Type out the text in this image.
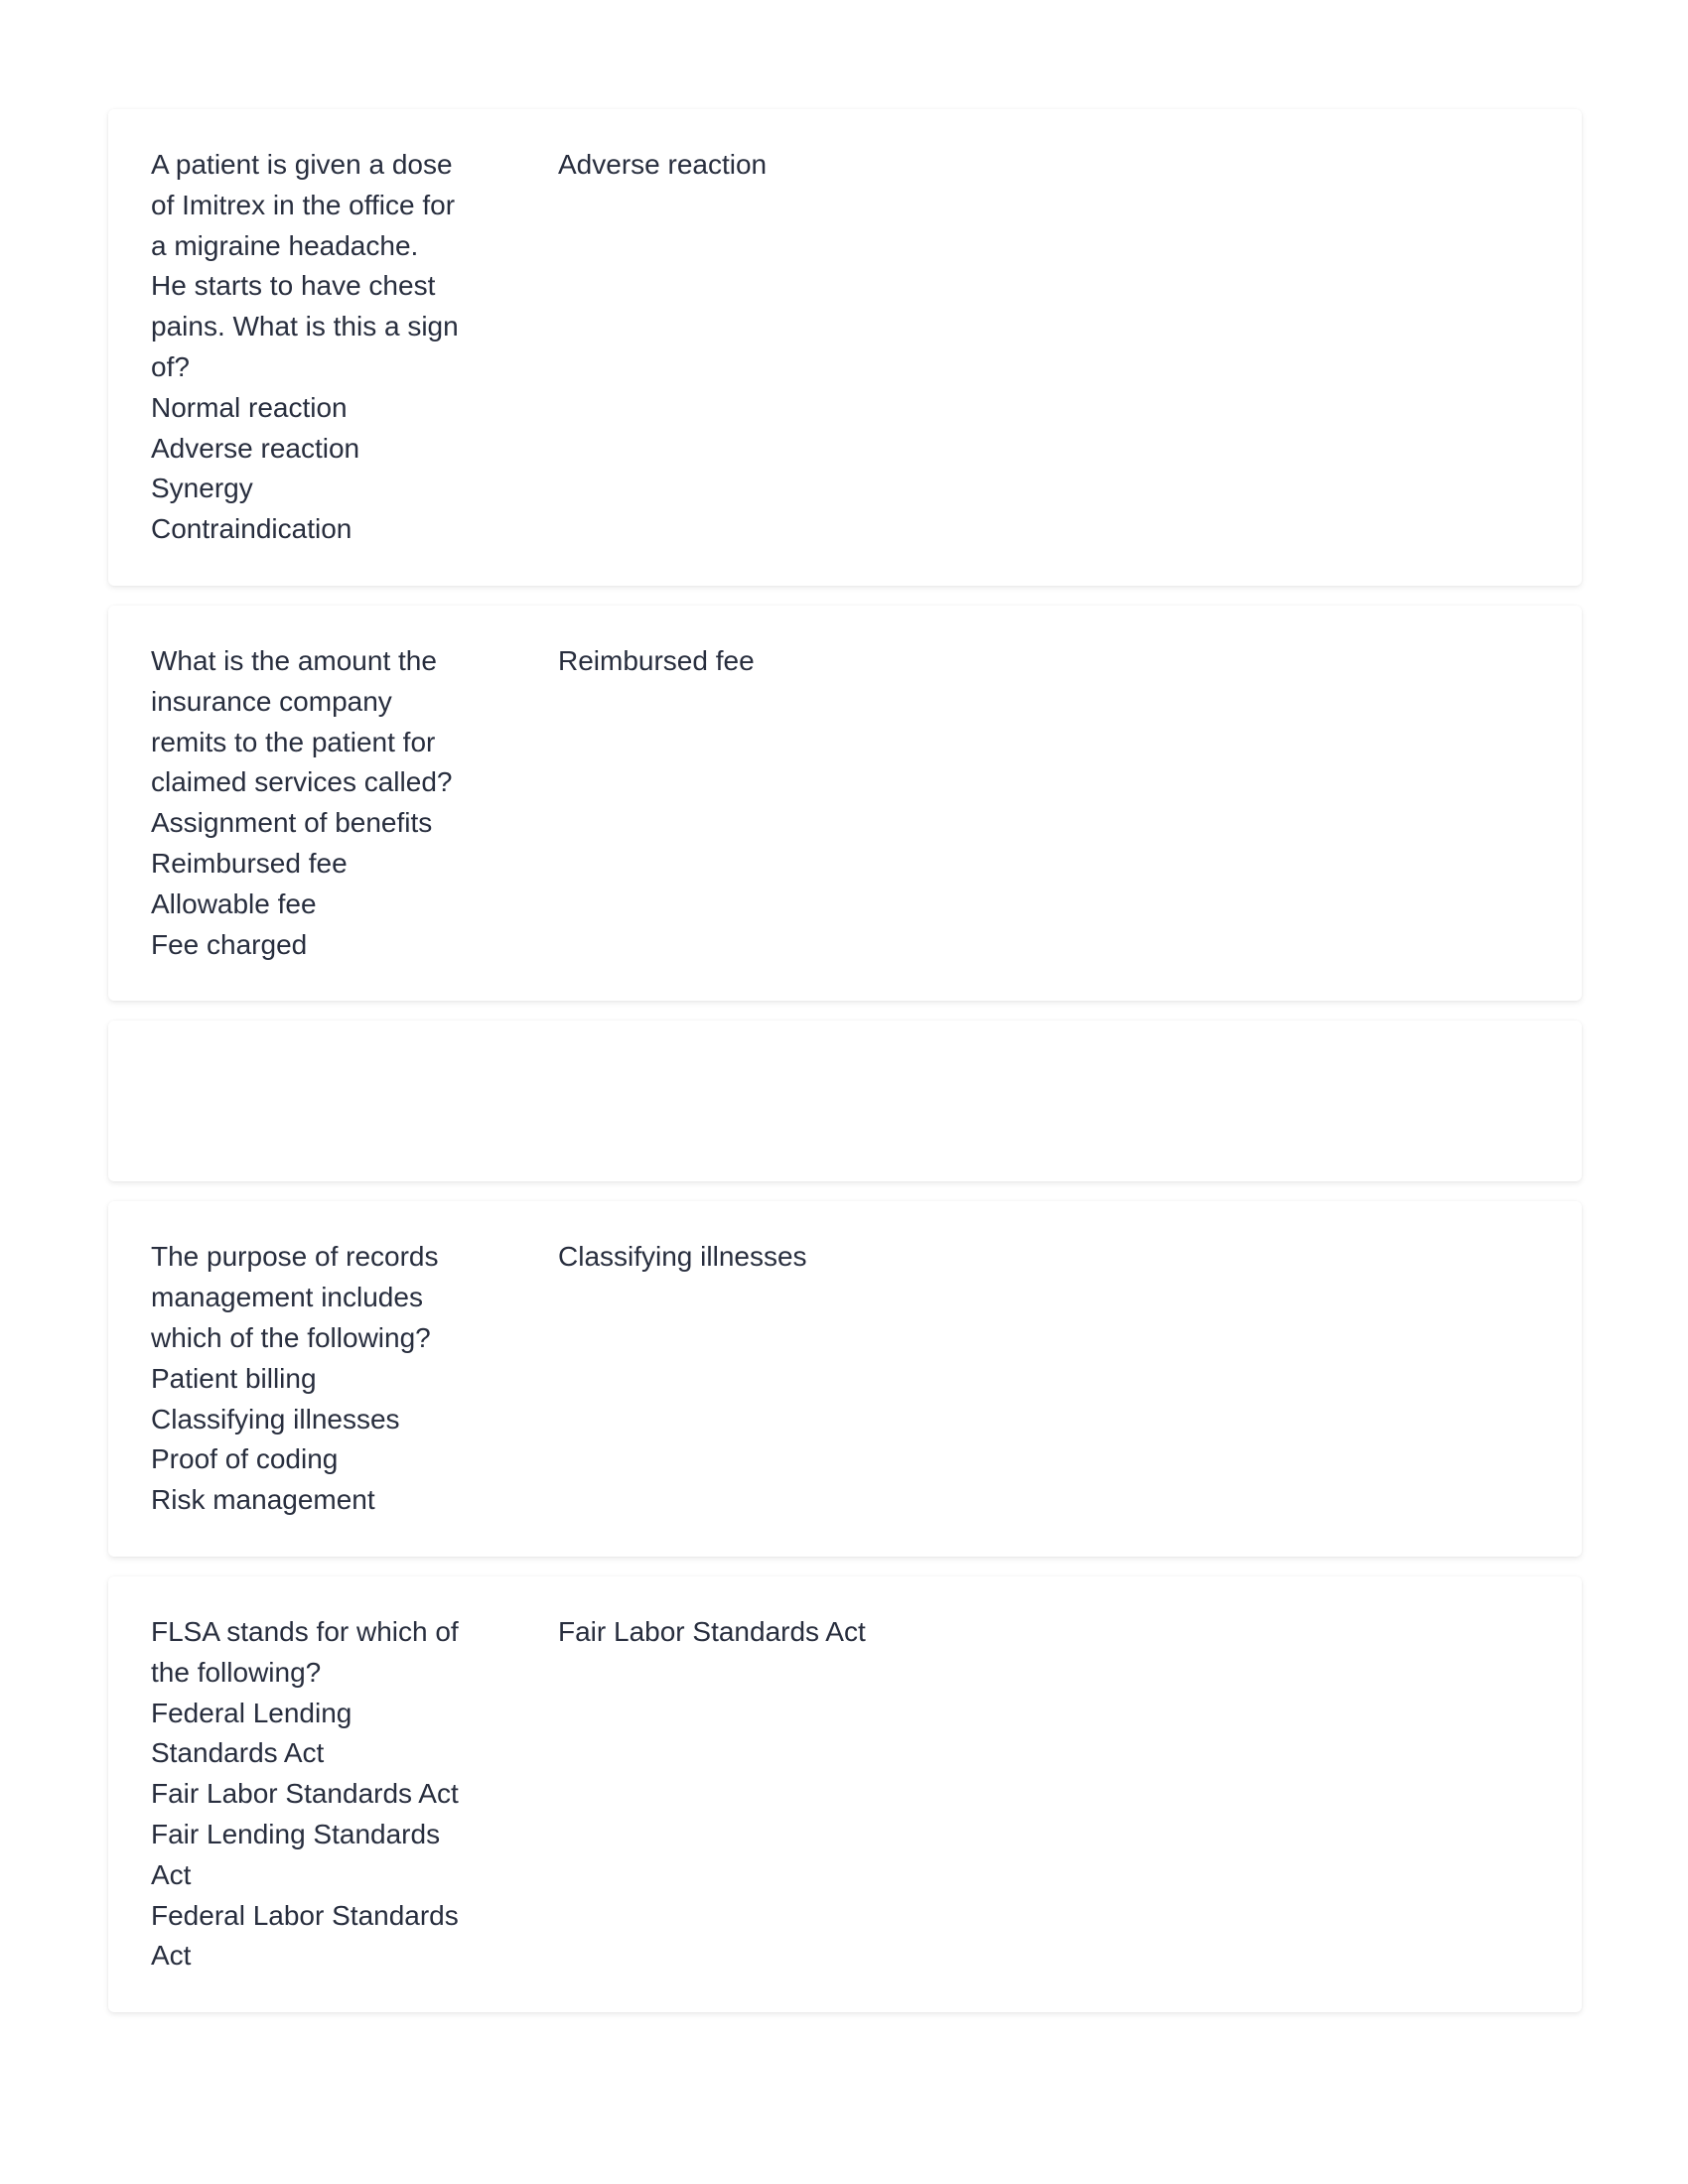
A patient is given a dose
of Imitrex in the office for
a migraine headache.
He starts to have chest
pains. What is this a sign
of?
Normal reaction
Adverse reaction
Synergy
Contraindication
Adverse reaction
What is the amount the
insurance company
remits to the patient for
claimed services called?
Assignment of benefits
Reimbursed fee
Allowable fee
Fee charged
Reimbursed fee
The purpose of records
management includes
which of the following?
Patient billing
Classifying illnesses
Proof of coding
Risk management
Classifying illnesses
FLSA stands for which of
the following?
Federal Lending
Standards Act
Fair Labor Standards Act
Fair Lending Standards
Act
Federal Labor Standards
Act
Fair Labor Standards Act
